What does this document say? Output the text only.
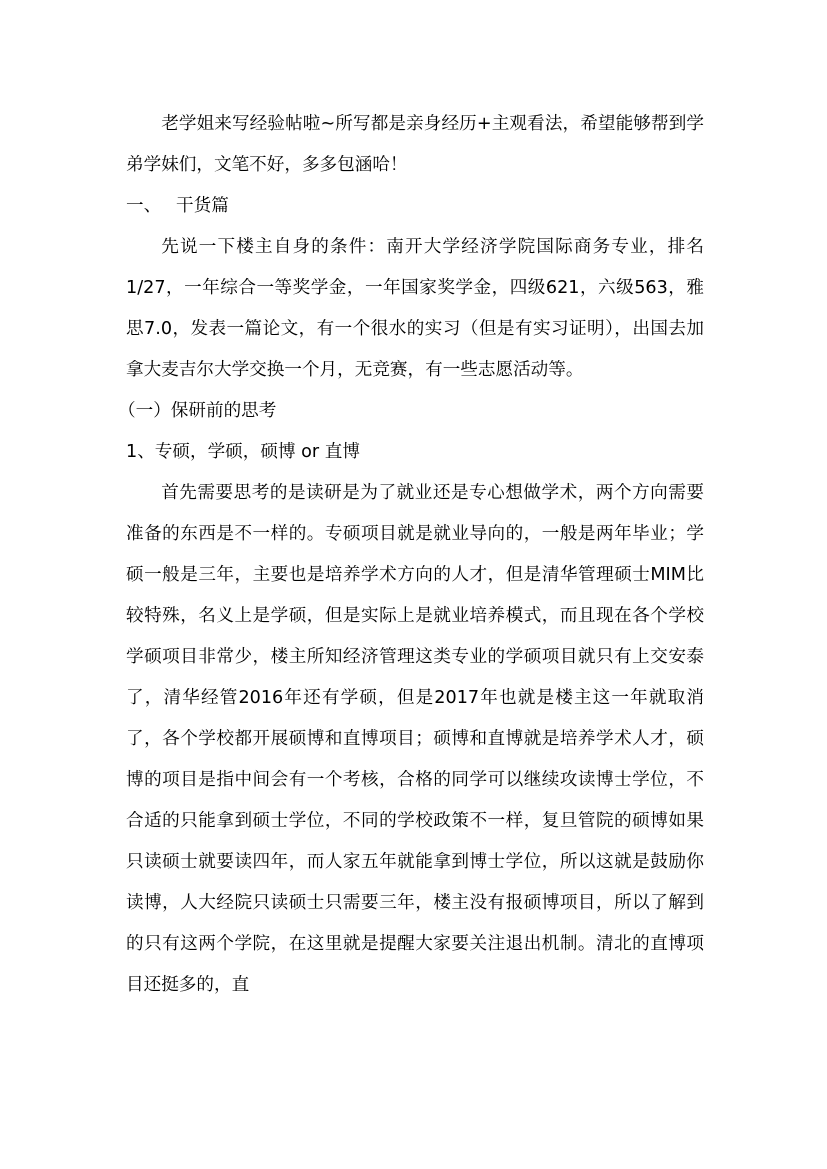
老学姐来写经验帖啦~所写都是亲身经历+主观看法，希望能够帮到学弟学妹们，文笔不好，多多包涵哈！

一、 干货篇

先说一下楼主自身的条件：南开大学经济学院国际商务专业，排名1/27，一年综合一等奖学金，一年国家奖学金，四级621，六级563，雅思7.0，发表一篇论文，有一个很水的实习（但是有实习证明），出国去加拿大麦吉尔大学交换一个月，无竞赛，有一些志愿活动等。

（一）保研前的思考

1、专硕，学硕，硕博 or 直博

首先需要思考的是读研是为了就业还是专心想做学术，两个方向需要准备的东西是不一样的。专硕项目就是就业导向的，一般是两年毕业；学硕一般是三年，主要也是培养学术方向的人才，但是清华管理硕士MIM比较特殊，名义上是学硕，但是实际上是就业培养模式，而且现在各个学校学硕项目非常少，楼主所知经济管理这类专业的学硕项目就只有上交安泰了，清华经管2016年还有学硕，但是2017年也就是楼主这一年就取消了，各个学校都开展硕博和直博项目；硕博和直博就是培养学术人才，硕博的项目是指中间会有一个考核，合格的同学可以继续攻读博士学位，不合适的只能拿到硕士学位，不同的学校政策不一样，复旦管院的硕博如果只读硕士就要读四年，而人家五年就能拿到博士学位，所以这就是鼓励你读博，人大经院只读硕士只需要三年，楼主没有报硕博项目，所以了解到的只有这两个学院，在这里就是提醒大家要关注退出机制。清北的直博项目还挺多的，直
